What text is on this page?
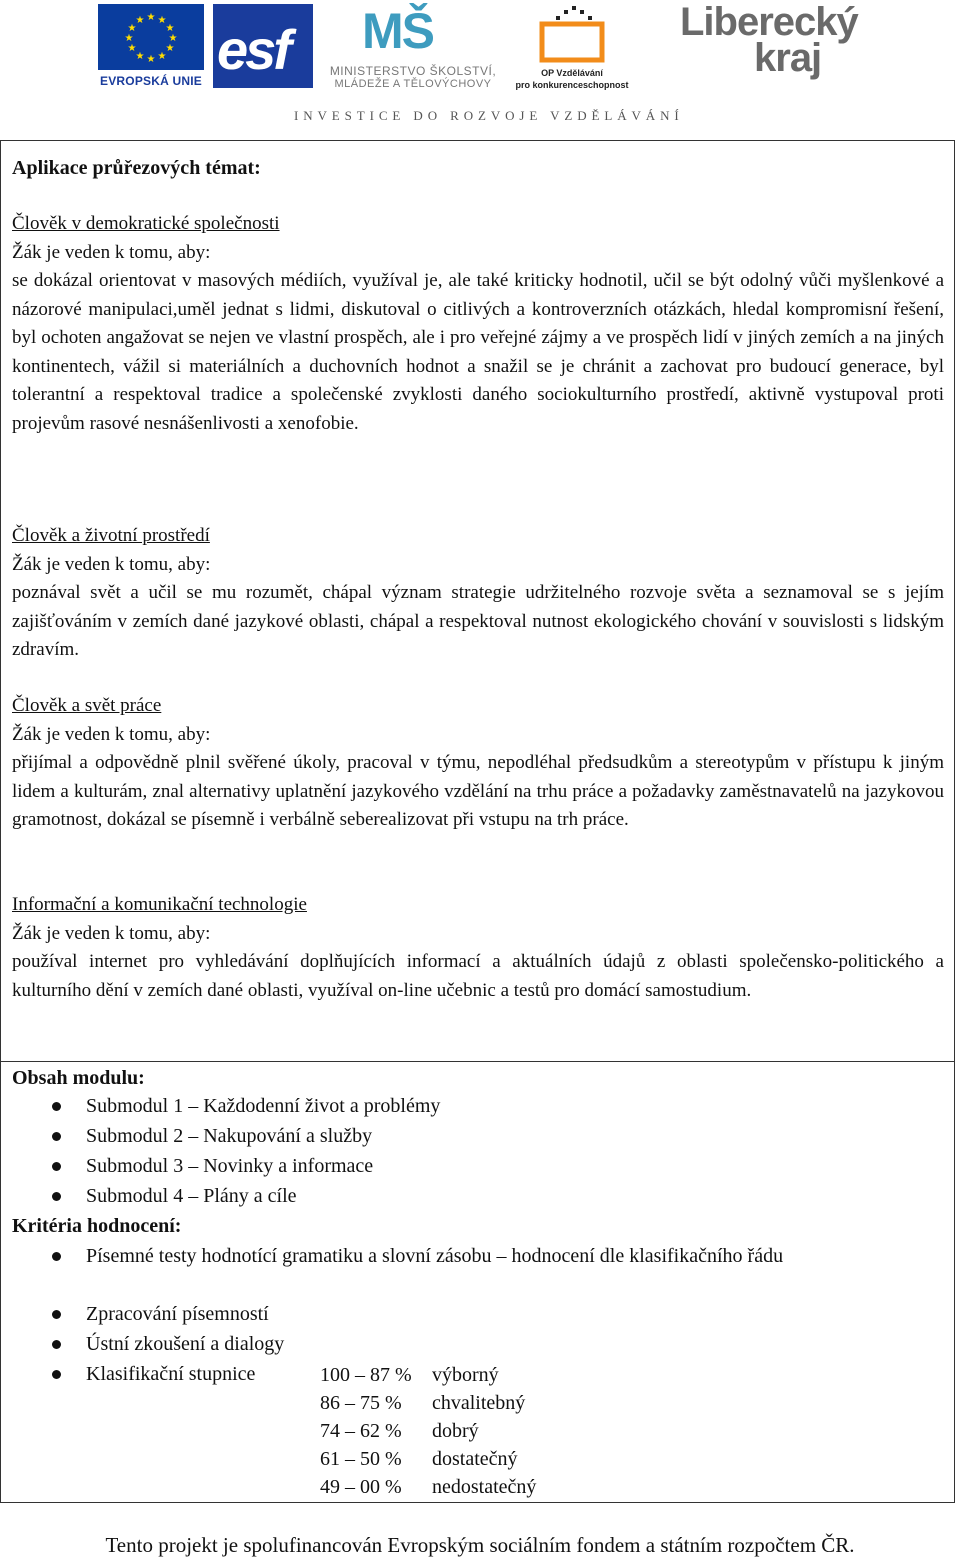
★ ★
★
★
★
★
★
★
★
★
★
★
EVROPSKÁ UNIE esf MŠ

MINISTERSTVO ŠKOLSTVÍ,
MLÁDEŽE A TĚLOVÝCHOVY
OP Vzdělávání
pro konkurenceschopnost
Liberecký
kraj
INVESTICE DO ROZVOJE VZDĚLÁVÁNÍ

Aplikace průřezových témat:

Člověk v demokratické společnosti

Žák je veden k tomu, aby:

se dokázal orientovat v masových médiích, využíval je, ale také kriticky hodnotil, učil se být odolný vůči myšlenkové a názorové manipulaci,uměl jednat s lidmi, diskutoval o citlivých a kontroverzních otázkách, hledal kompromisní řešení, byl ochoten angažovat se nejen ve vlastní prospěch, ale i pro veřejné zájmy a ve prospěch lidí v jiných zemích a na jiných kontinentech, vážil si materiálních a duchovních hodnot a snažil se je chránit a zachovat pro budoucí generace, byl tolerantní a respektoval tradice a společenské zvyklosti daného sociokulturního prostředí, aktivně vystupoval proti projevům rasové nesnášenlivosti a xenofobie.

Člověk a životní prostředí

Žák je veden k tomu, aby:

poznával svět a učil se mu rozumět, chápal význam strategie udržitelného rozvoje světa a seznamoval se s jejím zajišťováním v zemích dané jazykové oblasti, chápal a respektoval nutnost ekologického chování v souvislosti s lidským zdravím.

Člověk a svět práce

Žák je veden k tomu, aby:

přijímal a odpovědně plnil svěřené úkoly, pracoval v týmu, nepodléhal předsudkům a stereotypům v přístupu k jiným lidem a kulturám, znal alternativy uplatnění jazykového vzdělání na trhu práce a požadavky zaměstnavatelů na jazykovou gramotnost, dokázal se písemně i verbálně seberealizovat při vstupu na trh práce.

Informační a komunikační technologie

Žák je veden k tomu, aby:

používal internet pro vyhledávání doplňujících informací a aktuálních údajů z oblasti společensko-politického a kulturního dění v zemích dané oblasti, využíval on-line učebnic a testů pro domácí samostudium.

Obsah modulu:
Submodul 1 – Každodenní život a problémy
Submodul 2 – Nakupování a služby
Submodul 3 – Novinky a informace
Submodul 4 – Plány a cíle
Kritéria hodnocení:
Písemné testy hodnotící gramatiku a slovní zásobu – hodnocení dle klasifikačního řádu
Zpracování písemností
Ústní zkoušení a dialogy
Klasifikační stupnice	100 – 87 % výborný
86 – 75 % chvalitebný
74 – 62 % dobrý
61 – 50 % dostatečný
49 – 00 % nedostatečný
Tento projekt je spolufinancován Evropským sociálním fondem a státním rozpočtem ČR.
